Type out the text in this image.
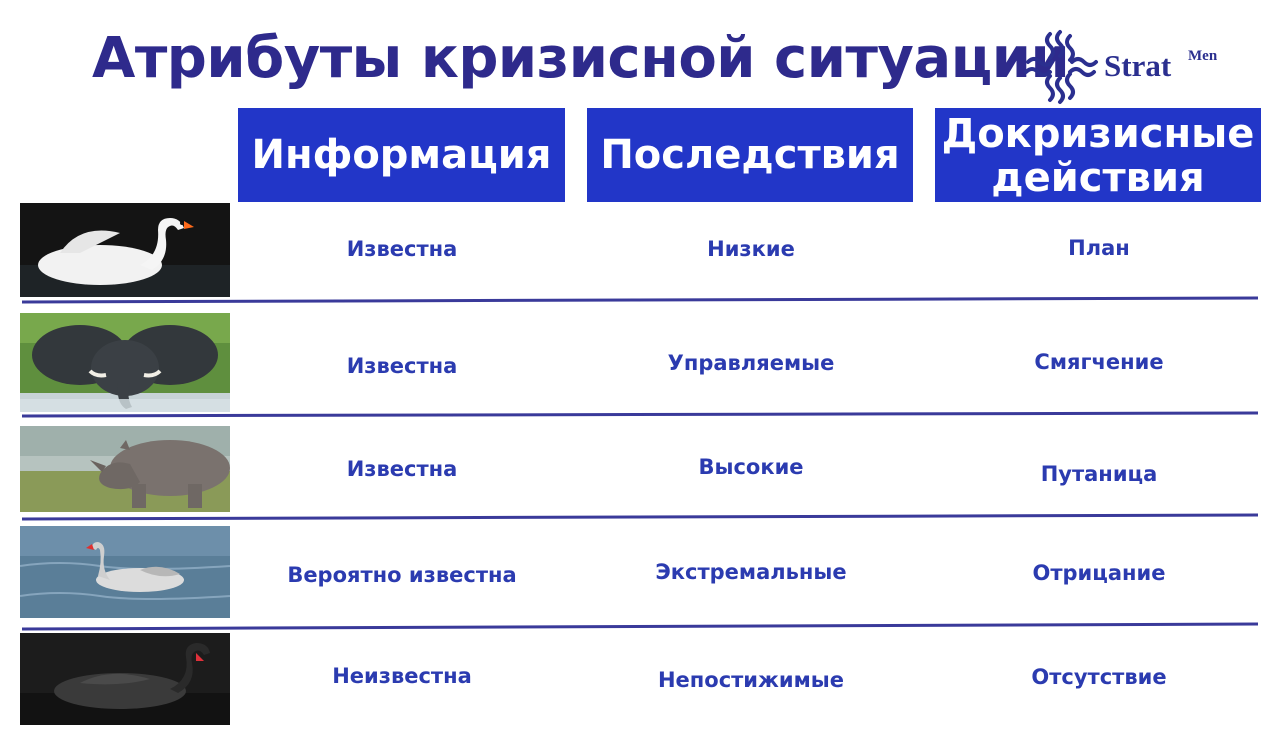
Атрибуты кризисной ситуации Strat Men
Информация	Последствия	Докризисные действия
Известна	Низкие	План
Известна	Управляемые	Смягчение
Известна	Высокие	Путаница
Вероятно известна	Экстремальные	Отрицание
Неизвестна	Непостижимые	Отсутствие
